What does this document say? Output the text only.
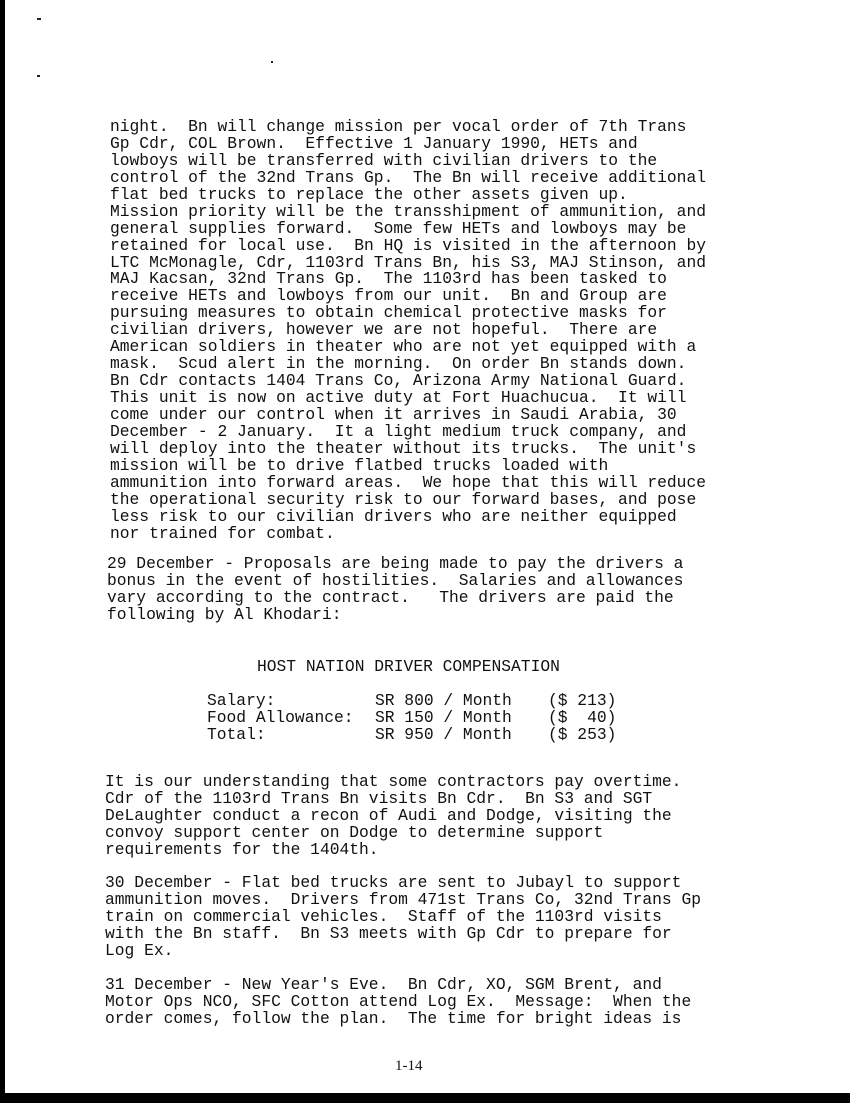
night.  Bn will change mission per vocal order of 7th Trans
Gp Cdr, COL Brown.  Effective 1 January 1990, HETs and
lowboys will be transferred with civilian drivers to the
control of the 32nd Trans Gp.  The Bn will receive additional
flat bed trucks to replace the other assets given up.
Mission priority will be the transshipment of ammunition, and
general supplies forward.  Some few HETs and lowboys may be
retained for local use.  Bn HQ is visited in the afternoon by
LTC McMonagle, Cdr, 1103rd Trans Bn, his S3, MAJ Stinson, and
MAJ Kacsan, 32nd Trans Gp.  The 1103rd has been tasked to
receive HETs and lowboys from our unit.  Bn and Group are
pursuing measures to obtain chemical protective masks for
civilian drivers, however we are not hopeful.  There are
American soldiers in theater who are not yet equipped with a
mask.  Scud alert in the morning.  On order Bn stands down.
Bn Cdr contacts 1404 Trans Co, Arizona Army National Guard.
This unit is now on active duty at Fort Huachucua.  It will
come under our control when it arrives in Saudi Arabia, 30
December - 2 January.  It a light medium truck company, and
will deploy into the theater without its trucks.  The unit's
mission will be to drive flatbed trucks loaded with
ammunition into forward areas.  We hope that this will reduce
the operational security risk to our forward bases, and pose
less risk to our civilian drivers who are neither equipped
nor trained for combat.
29 December - Proposals are being made to pay the drivers a
bonus in the event of hostilities.  Salaries and allowances
vary according to the contract.   The drivers are paid the
following by Al Khodari:
HOST NATION DRIVER COMPENSATION

Salary:

	SR 800 / Month

($ 213)

Food Allowance:

SR 150 / Month

($  40)

Total:

	SR 950 / Month

($ 253)

It is our understanding that some contractors pay overtime.
Cdr of the 1103rd Trans Bn visits Bn Cdr.  Bn S3 and SGT
DeLaughter conduct a recon of Audi and Dodge, visiting the
convoy support center on Dodge to determine support
requirements for the 1404th.
30 December - Flat bed trucks are sent to Jubayl to support
ammunition moves.  Drivers from 471st Trans Co, 32nd Trans Gp
train on commercial vehicles.  Staff of the 1103rd visits
with the Bn staff.  Bn S3 meets with Gp Cdr to prepare for
Log Ex.
31 December - New Year's Eve.  Bn Cdr, XO, SGM Brent, and
Motor Ops NCO, SFC Cotton attend Log Ex.  Message:  When the
order comes, follow the plan.  The time for bright ideas is
1-14
